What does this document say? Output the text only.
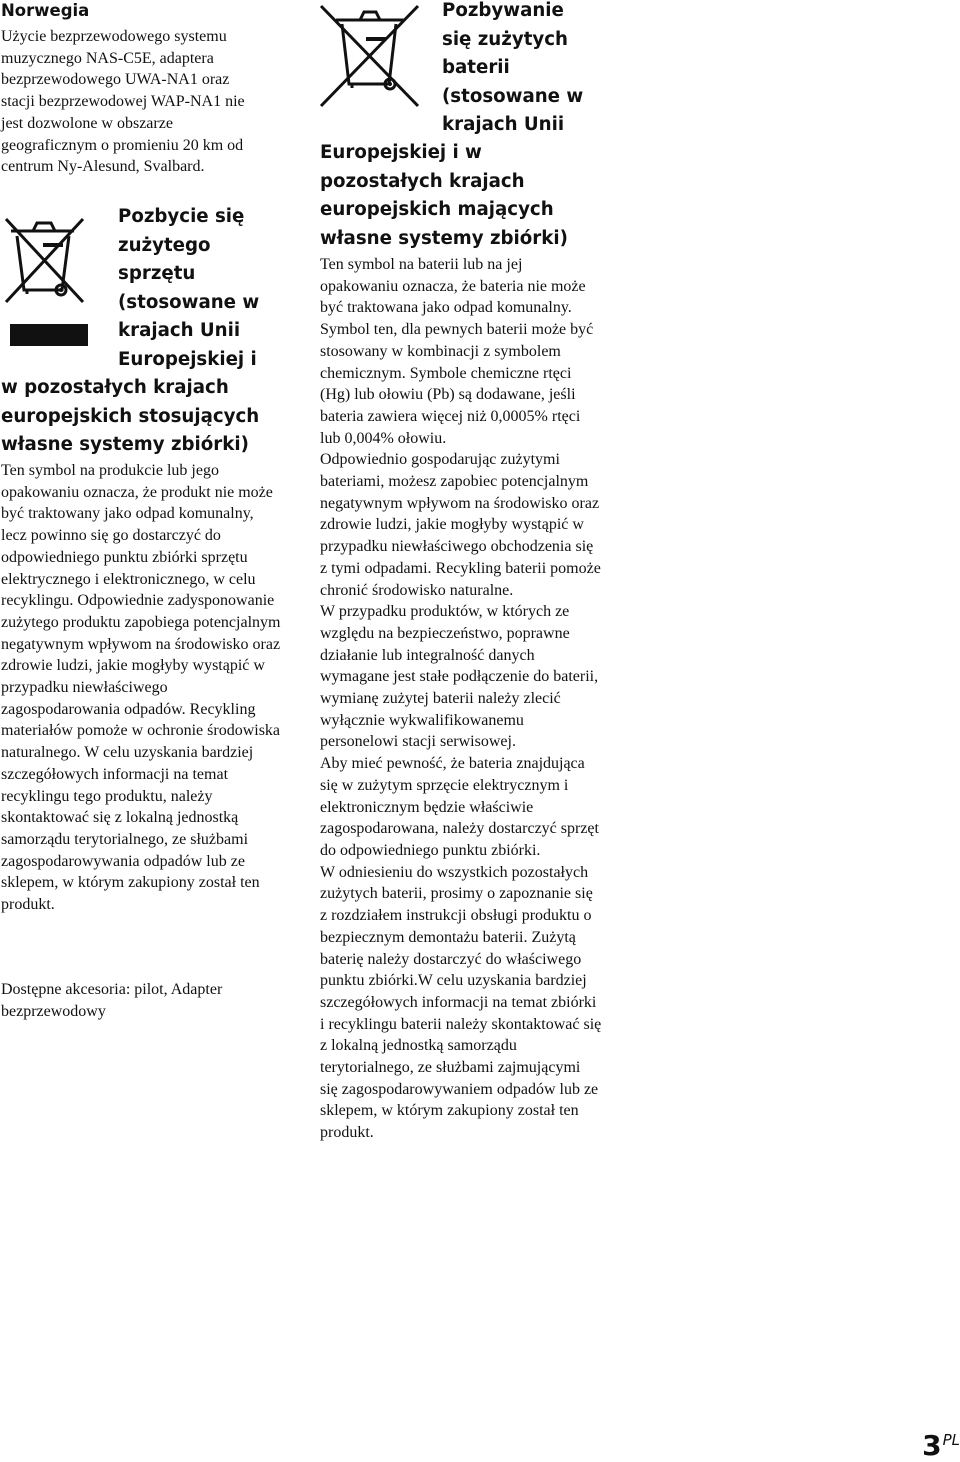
Norwegia

Użycie bezprzewodowego systemu muzycznego NAS-C5E, adaptera bezprzewodowego UWA-NA1 oraz stacji bezprzewodowej WAP-NA1 nie jest dozwolone w obszarze geograficznym o promieniu 20 km od centrum Ny-Alesund, Svalbard.

Pozbycie się
zużytego
sprzętu
(stosowane w
krajach Unii
Europejskiej i
w pozostałych krajach
europejskich stosujących
własne systemy zbiórki)

Ten symbol na produkcie lub jego opakowaniu oznacza, że produkt nie może być traktowany jako odpad komunalny, lecz powinno się go dostarczyć do odpowiedniego punktu zbiórki sprzętu elektrycznego i elektronicznego, w celu recyklingu. Odpowiednie zadysponowanie zużytego produktu zapobiega potencjalnym negatywnym wpływom na środowisko oraz zdrowie ludzi, jakie mogłyby wystąpić w przypadku niewłaściwego zagospodarowania odpadów. Recykling materiałów pomoże w ochronie środowiska naturalnego. W celu uzyskania bardziej szczegółowych informacji na temat recyklingu tego produktu, należy skontaktować się z lokalną jednostką samorządu terytorialnego, ze służbami zagospodarowywania odpadów lub ze sklepem, w którym zakupiony został ten produkt.

Dostępne akcesoria: pilot, Adapter bezprzewodowy

Pozbywanie
się zużytych
baterii
(stosowane w
krajach Unii
Europejskiej i w
pozostałych krajach
europejskich mających
własne systemy zbiórki)

Ten symbol na baterii lub na jej opakowaniu oznacza, że bateria nie może być traktowana jako odpad komunalny.

Symbol ten, dla pewnych baterii może być stosowany w kombinacji z symbolem chemicznym. Symbole chemiczne rtęci (Hg) lub ołowiu (Pb) są dodawane, jeśli bateria zawiera więcej niż 0,0005% rtęci lub 0,004% ołowiu.

Odpowiednio gospodarując zużytymi bateriami, możesz zapobiec potencjalnym negatywnym wpływom na środowisko oraz zdrowie ludzi, jakie mogłyby wystąpić w przypadku niewłaściwego obchodzenia się z tymi odpadami. Recykling baterii pomoże chronić środowisko naturalne.

W przypadku produktów, w których ze względu na bezpieczeństwo, poprawne działanie lub integralność danych wymagane jest stałe podłączenie do baterii, wymianę zużytej baterii należy zlecić wyłącznie wykwalifikowanemu personelowi stacji serwisowej.

Aby mieć pewność, że bateria znajdująca się w zużytym sprzęcie elektrycznym i elektronicznym będzie właściwie zagospodarowana, należy dostarczyć sprzęt do odpowiedniego punktu zbiórki.

W odniesieniu do wszystkich pozostałych zużytych baterii, prosimy o zapoznanie się z rozdziałem instrukcji obsługi produktu o bezpiecznym demontażu baterii. Zużytą baterię należy dostarczyć do właściwego punktu zbiórki.W celu uzyskania bardziej szczegółowych informacji na temat zbiórki i recyklingu baterii należy skontaktować się z lokalną jednostką samorządu terytorialnego, ze służbami zajmującymi się zagospodarowywaniem odpadów lub ze sklepem, w którym zakupiony został ten produkt.

$3^{PL}$
